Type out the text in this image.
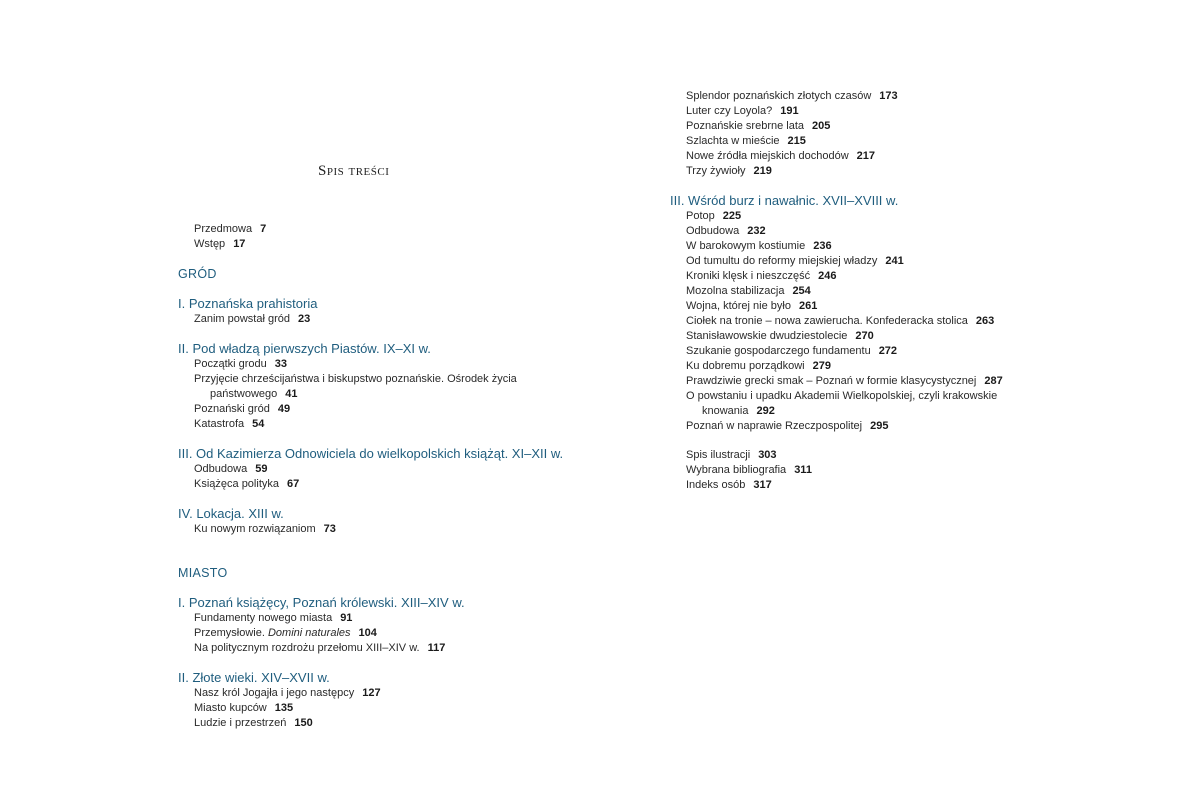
Spis treści
Przedmowa 7
Wstęp 17
GRÓD
I. Poznańska prahistoria
Zanim powstał gród 23
II. Pod władzą pierwszych Piastów. IX–XI w.
Początki grodu 33
Przyjęcie chrześcijaństwa i biskupstwo poznańskie. Ośrodek życia
państwowego 41
Poznański gród 49
Katastrofa 54
III. Od Kazimierza Odnowiciela do wielkopolskich książąt. XI–XII w.
Odbudowa 59
Książęca polityka 67
IV. Lokacja. XIII w.
Ku nowym rozwiązaniom 73
MIASTO
I. Poznań książęcy, Poznań królewski. XIII–XIV w.
Fundamenty nowego miasta 91
Przemysłowie. Domini naturales 104
Na politycznym rozdrożu przełomu XIII–XIV w. 117
II. Złote wieki. XIV–XVII w.
Nasz król Jogajła i jego następcy 127
Miasto kupców 135
Ludzie i przestrzeń 150
Splendor poznańskich złotych czasów 173
Luter czy Loyola? 191
Poznańskie srebrne lata 205
Szlachta w mieście 215
Nowe źródła miejskich dochodów 217
Trzy żywioły 219
III. Wśród burz i nawałnic. XVII–XVIII w.
Potop 225
Odbudowa 232
W barokowym kostiumie 236
Od tumultu do reformy miejskiej władzy 241
Kroniki klęsk i nieszczęść 246
Mozolna stabilizacja 254
Wojna, której nie było 261
Ciołek na tronie – nowa zawierucha. Konfederacka stolica 263
Stanisławowskie dwudziestolecie 270
Szukanie gospodarczego fundamentu 272
Ku dobremu porządkowi 279
Prawdziwie grecki smak – Poznań w formie klasycystycznej 287
O powstaniu i upadku Akademii Wielkopolskiej, czyli krakowskie
knowania 292
Poznań w naprawie Rzeczpospolitej 295
Spis ilustracji 303
Wybrana bibliografia 311
Indeks osób 317
